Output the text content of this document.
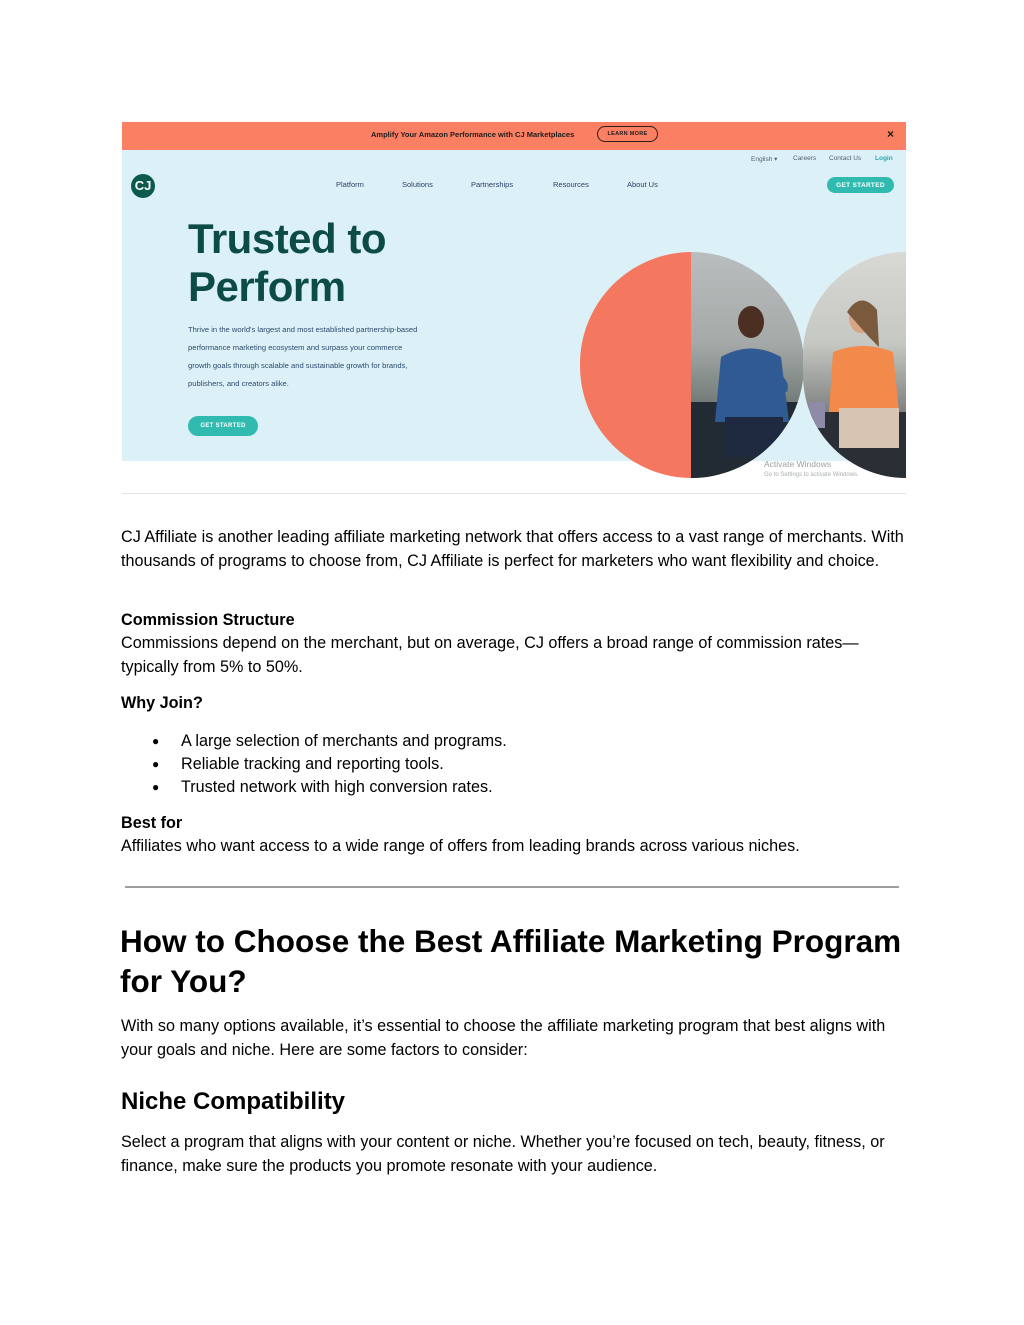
Amplify Your Amazon Performance with CJ Marketplaces	LEARN MORE	×
English ▾ Careers Contact Us Login
CJ	Platform	Solutions	Partnerships	Resources	About Us	GET STARTED
Trusted to Perform
Thrive in the world's largest and most established partnership-based performance marketing ecosystem and surpass your commerce growth goals through scalable and sustainable growth for brands, publishers, and creators alike.
GET STARTED
Activate Windows
Go to Settings to activate Windows.

CJ Affiliate is another leading affiliate marketing network that offers access to a vast range of merchants. With thousands of programs to choose from, CJ Affiliate is perfect for marketers who want flexibility and choice.

Commission Structure

Commissions depend on the merchant, but on average, CJ offers a broad range of commission rates—typically from 5% to 50%.

Why Join?

● A large selection of merchants and programs.
● Reliable tracking and reporting tools.
● Trusted network with high conversion rates.

Best for

Affiliates who want access to a wide range of offers from leading brands across various niches.

How to Choose the Best Affiliate Marketing Program for You?

With so many options available, it’s essential to choose the affiliate marketing program that best aligns with your goals and niche. Here are some factors to consider:

Niche Compatibility

Select a program that aligns with your content or niche. Whether you’re focused on tech, beauty, fitness, or finance, make sure the products you promote resonate with your audience.
